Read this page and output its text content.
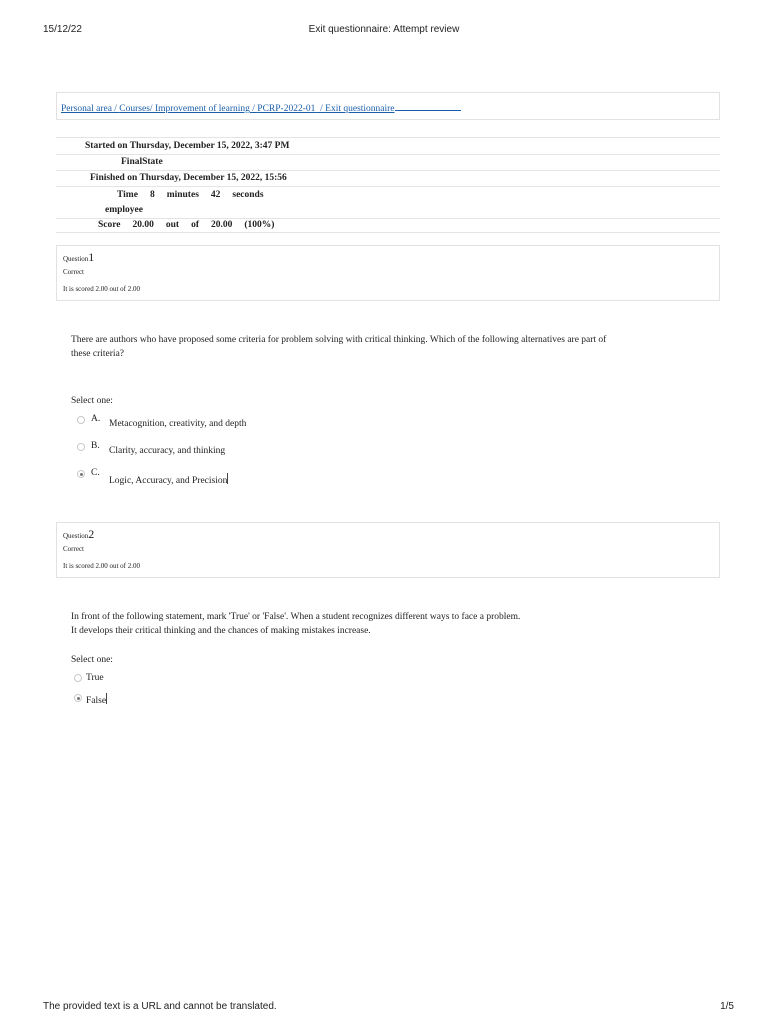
15/12/22	Exit questionnaire: Attempt review
Personal area / Courses/ Improvement of learning / PCRP-2022-01  / Exit questionnaire
Started on Thursday, December 15, 2022, 3:47 PM
FinalState
Finished on Thursday, December 15, 2022, 15:56
Time 8 minutes 42 seconds
employee
Score 20.00 out of 20.00 (100%)
Question1
Correct
It is scored 2.00 out of 2.00
There are authors who have proposed some criteria for problem solving with critical thinking. Which of the following alternatives are part of these criteria?
Select one:
A. Metacognition, creativity, and depth
B. Clarity, accuracy, and thinking
C.
Logic, Accuracy, and Precision
Question2
Correct
It is scored 2.00 out of 2.00
In front of the following statement, mark 'True' or 'False'. When a student recognizes different ways to face a problem.
It develops their critical thinking and the chances of making mistakes increase.
Select one:
True
False
The provided text is a URL and cannot be translated.	1/5
